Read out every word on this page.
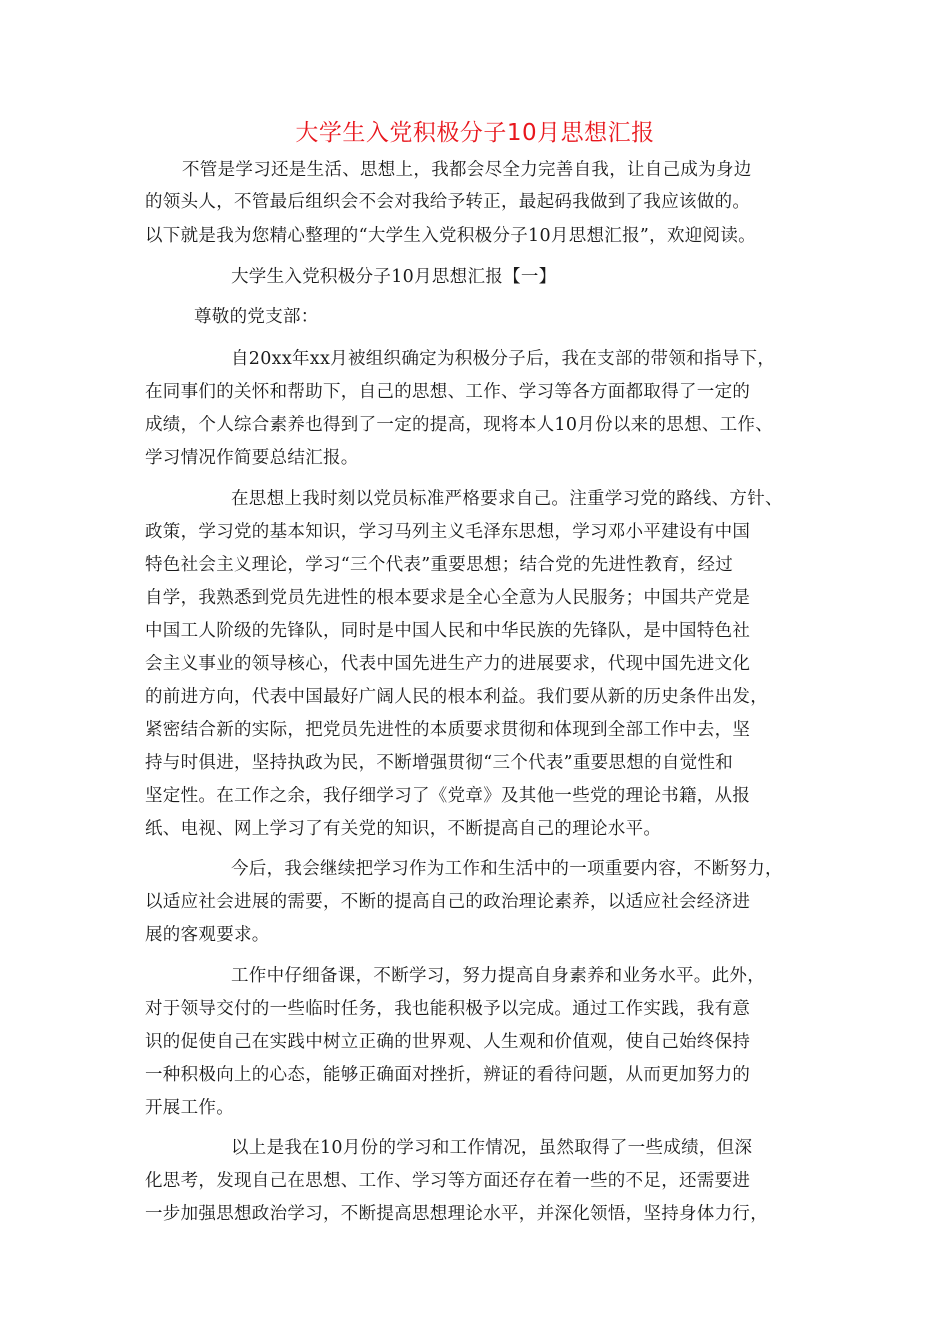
大学生入党积极分子10月思想汇报
不管是学习还是生活、思想上，我都会尽全力完善自我，让自己成为身边
的领头人，不管最后组织会不会对我给予转正，最起码我做到了我应该做的。
以下就是我为您精心整理的“大学生入党积极分子10月思想汇报”，欢迎阅读。
大学生入党积极分子10月思想汇报【一】
尊敬的党支部：
自20xx年xx月被组织确定为积极分子后，我在支部的带领和指导下，
在同事们的关怀和帮助下，自己的思想、工作、学习等各方面都取得了一定的
成绩，个人综合素养也得到了一定的提高，现将本人10月份以来的思想、工作、
学习情况作简要总结汇报。
在思想上我时刻以党员标准严格要求自己。注重学习党的路线、方针、
政策，学习党的基本知识，学习马列主义毛泽东思想，学习邓小平建设有中国
特色社会主义理论，学习“三个代表”重要思想；结合党的先进性教育，经过
自学，我熟悉到党员先进性的根本要求是全心全意为人民服务；中国共产党是
中国工人阶级的先锋队，同时是中国人民和中华民族的先锋队，是中国特色社
会主义事业的领导核心，代表中国先进生产力的进展要求，代现中国先进文化
的前进方向，代表中国最好广阔人民的根本利益。我们要从新的历史条件出发，
紧密结合新的实际，把党员先进性的本质要求贯彻和体现到全部工作中去，坚
持与时俱进，坚持执政为民，不断增强贯彻“三个代表”重要思想的自觉性和
坚定性。在工作之余，我仔细学习了《党章》及其他一些党的理论书籍，从报
纸、电视、网上学习了有关党的知识，不断提高自己的理论水平。
今后，我会继续把学习作为工作和生活中的一项重要内容，不断努力，
以适应社会进展的需要，不断的提高自己的政治理论素养，以适应社会经济进
展的客观要求。
工作中仔细备课，不断学习，努力提高自身素养和业务水平。此外，
对于领导交付的一些临时任务，我也能积极予以完成。通过工作实践，我有意
识的促使自己在实践中树立正确的世界观、人生观和价值观，使自己始终保持
一种积极向上的心态，能够正确面对挫折，辨证的看待问题，从而更加努力的
开展工作。
以上是我在10月份的学习和工作情况，虽然取得了一些成绩，但深
化思考，发现自己在思想、工作、学习等方面还存在着一些的不足，还需要进
一步加强思想政治学习，不断提高思想理论水平，并深化领悟，坚持身体力行，
